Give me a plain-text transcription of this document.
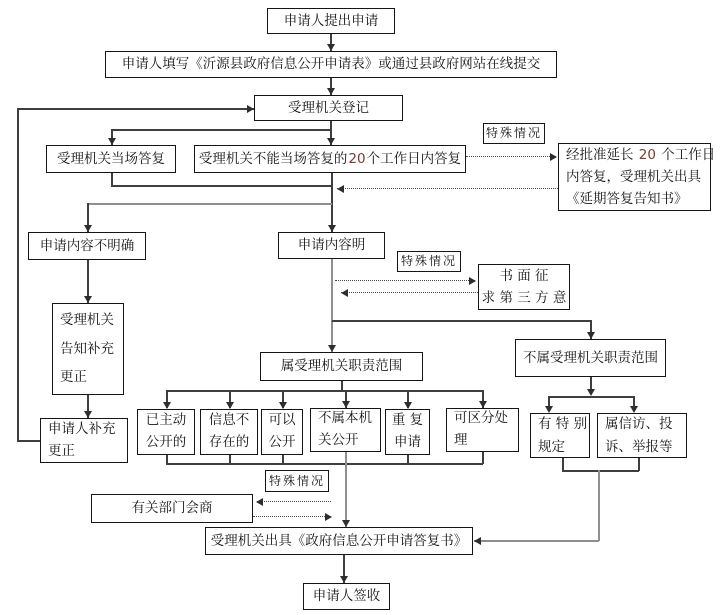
申请人提出申请
申请人填写《沂源县政府信息公开申请表》或通过县政府网站在线提交
受理机关登记
受理机关当场答复	受理机关不能当场答复的20个工作日内答复
特殊情况
经批准延长 20 个工作日
内答复，受理机关出具
《延期答复告知书》
申请内容不明确	申请内容明
特殊情况
书 面 征
求 第 三 方 意
受理机关
告知补充
更正
属受理机关职责范围
不属受理机关职责范围
已主动
公开的
信息不
存在的
可以
公开
不属本机
关公开
重 复
申请
可区分处
理
有 特 别
规定
属信访、投
诉、举报等
特殊情况
有关部门会商
受理机关出具《政府信息公开申请答复书》
申请人签收
申请人补充
更正
